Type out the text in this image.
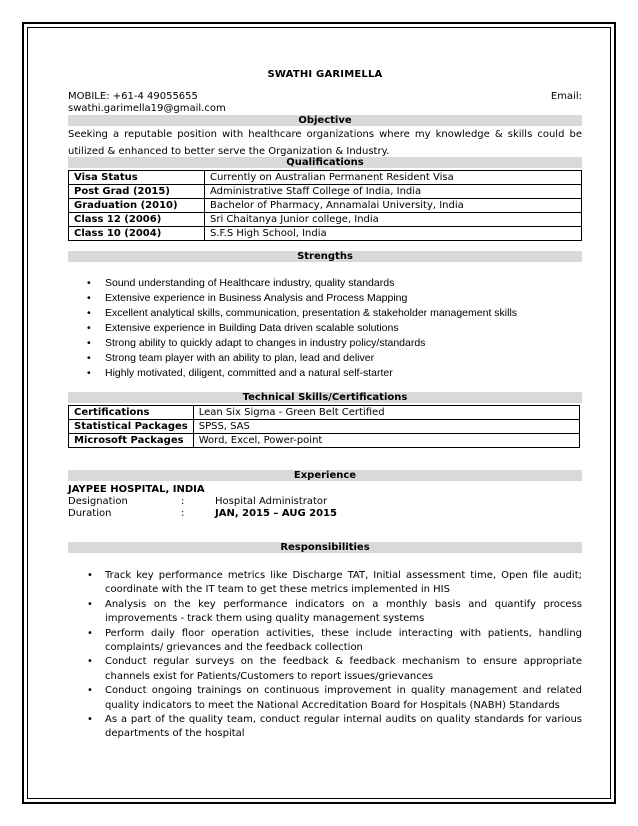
SWATHI GARIMELLA
MOBILE: +61-4 49055655	Email:
swathi.garimella19@gmail.com
Objective
Seeking a reputable position with healthcare organizations where my knowledge & skills could be utilized & enhanced to better serve the Organization & Industry.
Qualifications
Visa Status	Currently on Australian Permanent Resident Visa
Post Grad (2015)	Administrative Staff College of India, India
Graduation (2010)	Bachelor of Pharmacy, Annamalai University, India
Class 12 (2006)	Sri Chaitanya Junior college, India
Class 10 (2004)	S.F.S High School, India
Strengths
• Sound understanding of Healthcare industry, quality standards
• Extensive experience in Business Analysis and Process Mapping
• Excellent analytical skills, communication, presentation & stakeholder management skills
• Extensive experience in Building Data driven scalable solutions
• Strong ability to quickly adapt to changes in industry policy/standards
• Strong team player with an ability to plan, lead and deliver
• Highly motivated, diligent, committed and a natural self-starter
Technical Skills/Certifications
Certifications	Lean Six Sigma - Green Belt Certified
Statistical Packages	SPSS, SAS
Microsoft Packages	Word, Excel, Power-point
Experience
JAYPEE HOSPITAL, INDIA
Designation	:	Hospital Administrator
Duration	:	JAN, 2015 – AUG 2015
Responsibilities
• Track key performance metrics like Discharge TAT, Initial assessment time, Open file audit; coordinate with the IT team to get these metrics implemented in HIS
• Analysis on the key performance indicators on a monthly basis and quantify process improvements - track them using quality management systems
• Perform daily floor operation activities, these include interacting with patients, handling complaints/ grievances and the feedback collection
• Conduct regular surveys on the feedback & feedback mechanism to ensure appropriate channels exist for Patients/Customers to report issues/grievances
• Conduct ongoing trainings on continuous improvement in quality management and related quality indicators to meet the National Accreditation Board for Hospitals (NABH) Standards
• As a part of the quality team, conduct regular internal audits on quality standards for various departments of the hospital
